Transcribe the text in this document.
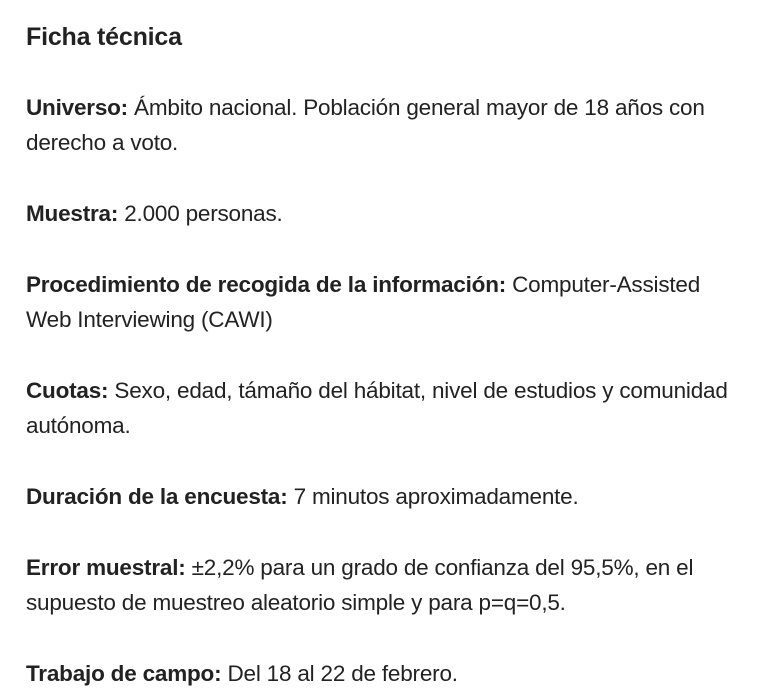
Ficha técnica

Universo: Ámbito nacional. Población general mayor de 18 años con derecho a voto.

Muestra: 2.000 personas.

Procedimiento de recogida de la información: Computer-Assisted Web Interviewing (CAWI)

Cuotas: Sexo, edad, támaño del hábitat, nivel de estudios y comunidad autónoma.

Duración de la encuesta: 7 minutos aproximadamente.

Error muestral: ±2,2% para un grado de confianza del 95,5%, en el supuesto de muestreo aleatorio simple y para p=q=0,5.

Trabajo de campo: Del 18 al 22 de febrero.
